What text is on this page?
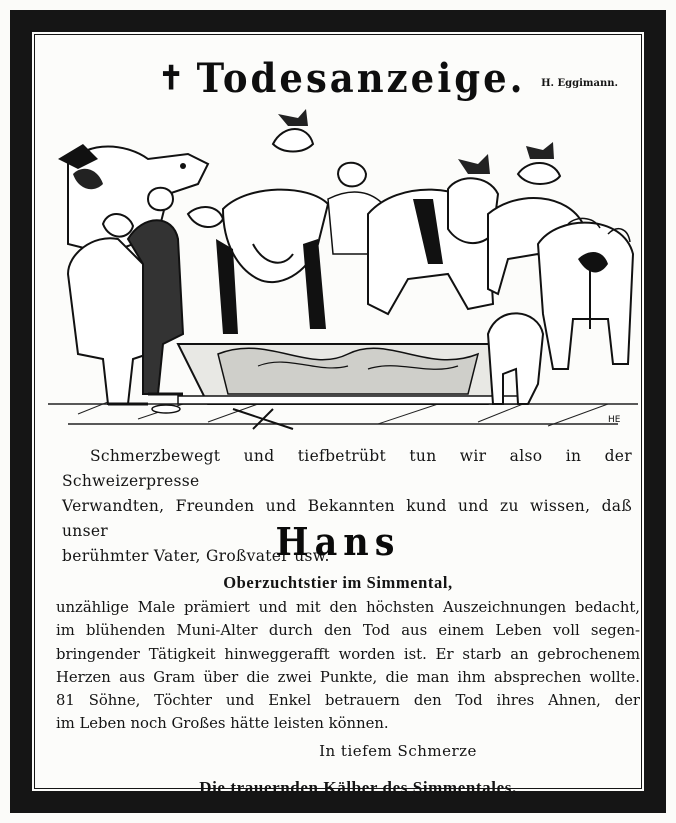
✝ Todesanzeige.	H. Eggimann.
HE

Schmerzbewegt und tiefbetrübt tun wir also in der Schweizerpresse

Verwandten, Freunden und Bekannten kund und zu wissen, daß unser

berühmter Vater, Großvater usw.

Hans
Oberzuchtstier im Simmental,
unzählige Male prämiert und mit den höchsten Auszeichnungen bedacht,
im blühenden Muni-Alter durch den Tod aus einem Leben voll segen-
bringender Tätigkeit hinweggerafft worden ist. Er starb an gebrochenem
Herzen aus Gram über die zwei Punkte, die man ihm absprechen wollte.
81 Söhne, Töchter und Enkel betrauern den Tod ihres Ahnen, der
im Leben noch Großes hätte leisten können.
In tiefem Schmerze
Die trauernden Kälber des Simmentales.
